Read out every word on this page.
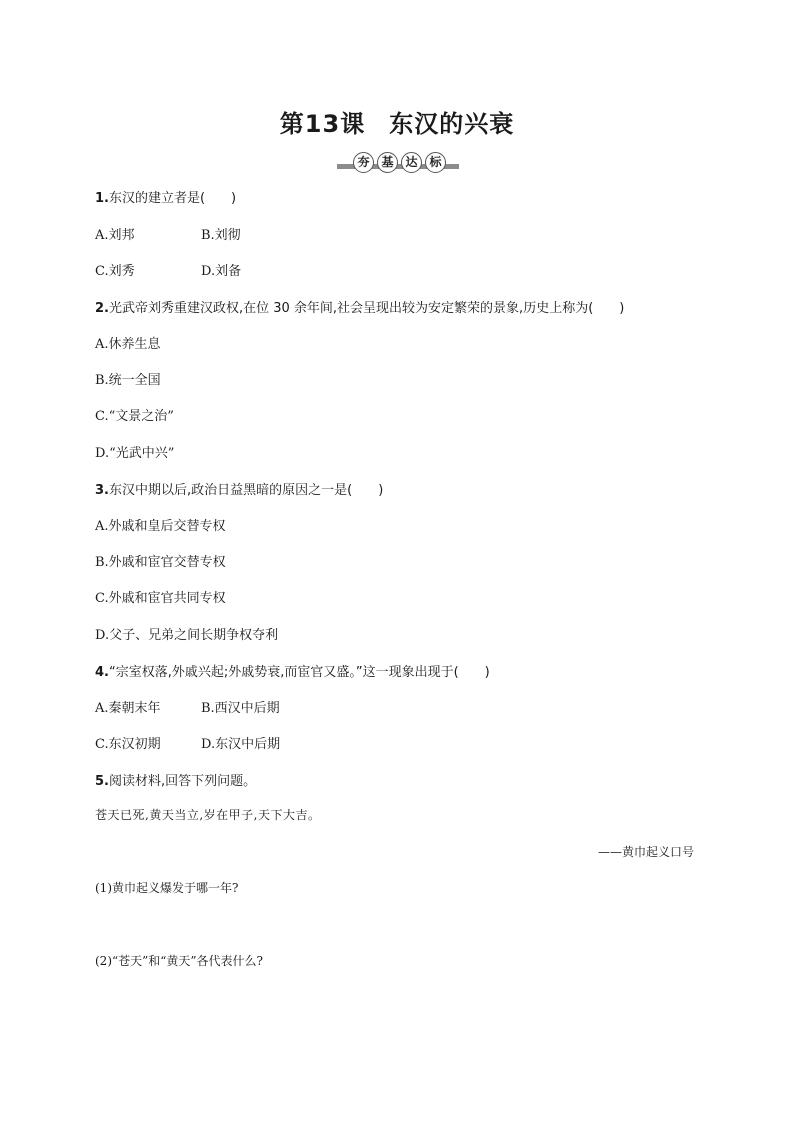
第13课 东汉的兴衰
夯 基 达 标
1.东汉的建立者是(　　)
A.刘邦	B.刘彻
C.刘秀	D.刘备
2.光武帝刘秀重建汉政权,在位 30 余年间,社会呈现出较为安定繁荣的景象,历史上称为(　　)
A.休养生息
B.统一全国
C.“文景之治”
D.“光武中兴”
3.东汉中期以后,政治日益黑暗的原因之一是(　　)
A.外戚和皇后交替专权
B.外戚和宦官交替专权
C.外戚和宦官共同专权
D.父子、兄弟之间长期争权夺利
4.“宗室权落,外戚兴起;外戚势衰,而宦官又盛。”这一现象出现于(　　)
A.秦朝末年	B.西汉中后期
C.东汉初期	D.东汉中后期
5.阅读材料,回答下列问题。
苍天已死,黄天当立,岁在甲子,天下大吉。
——黄巾起义口号
(1)黄巾起义爆发于哪一年?
(2)“苍天”和“黄天”各代表什么?
